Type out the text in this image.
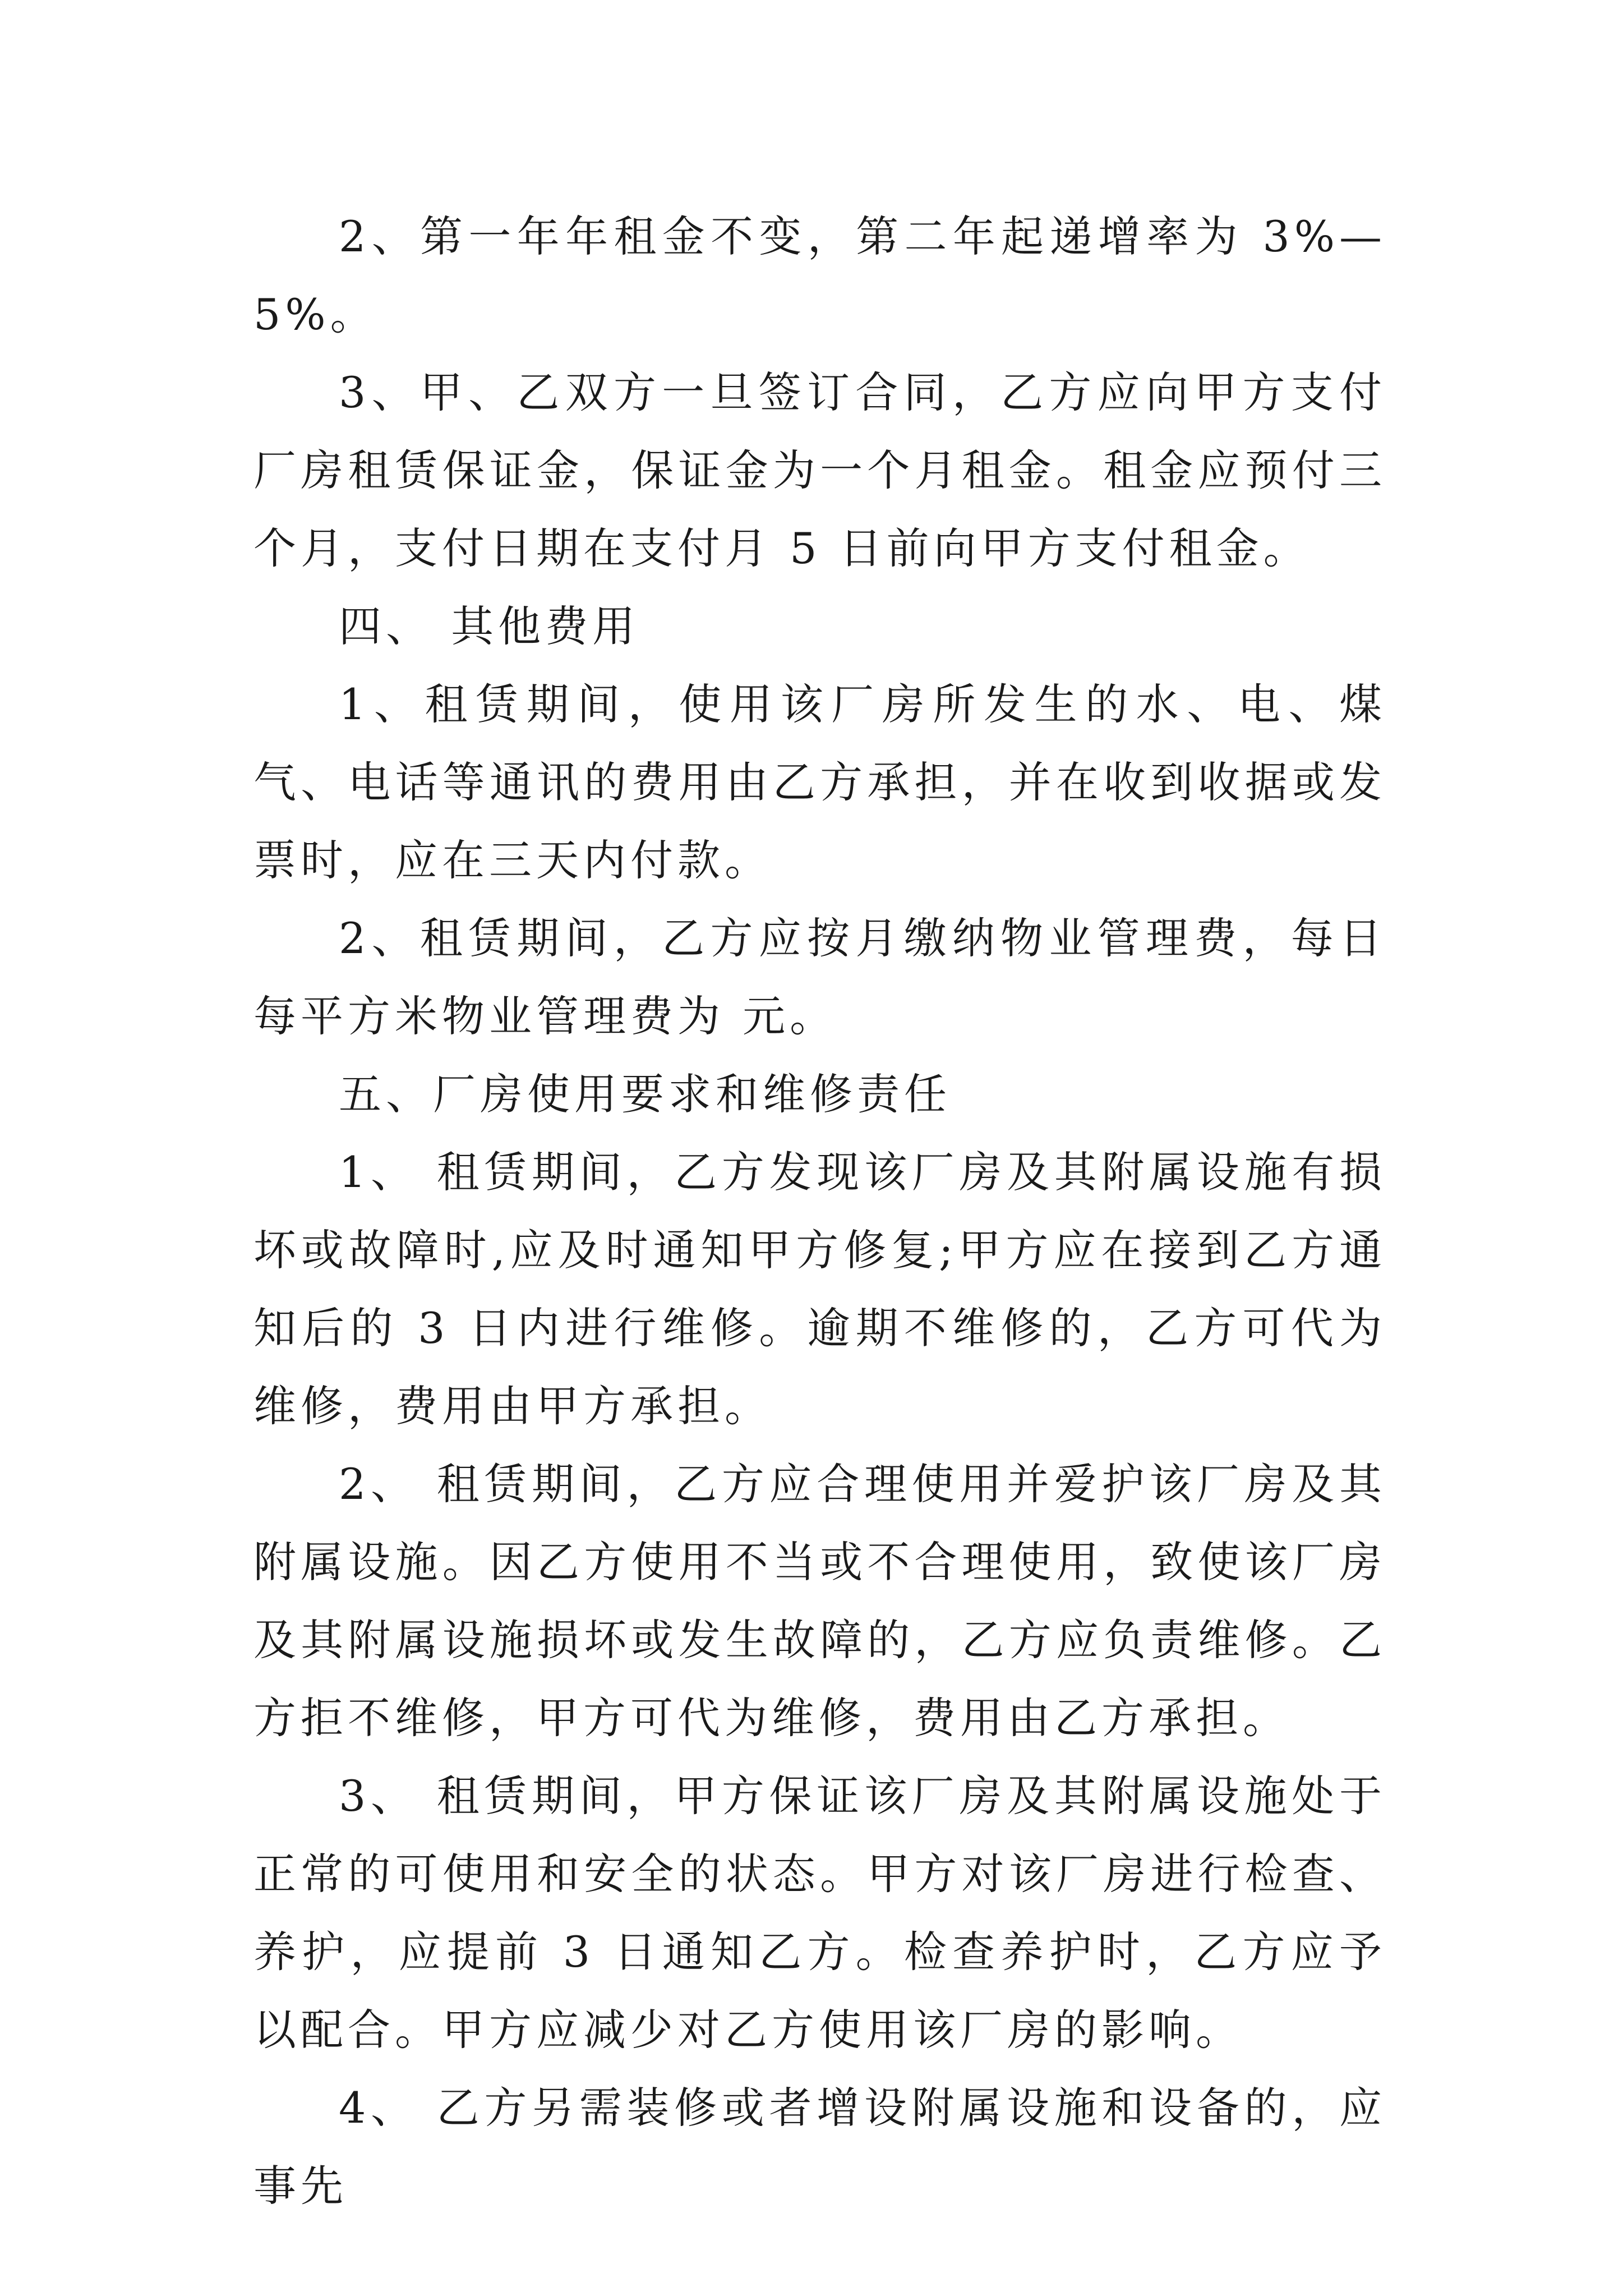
2、第一年年租金不变，第二年起递增率为 3%—5%。

3、甲、乙双方一旦签订合同，乙方应向甲方支付厂房租赁保证金，保证金为一个月租金。租金应预付三个月，支付日期在支付月 5 日前向甲方支付租金。

四、 其他费用

1、租赁期间，使用该厂房所发生的水、电、煤气、电话等通讯的费用由乙方承担，并在收到收据或发票时，应在三天内付款。

2、租赁期间，乙方应按月缴纳物业管理费，每日每平方米物业管理费为 元。

五、厂房使用要求和维修责任

1、 租赁期间，乙方发现该厂房及其附属设施有损坏或故障时,应及时通知甲方修复;甲方应在接到乙方通知后的 3 日内进行维修。逾期不维修的，乙方可代为维修，费用由甲方承担。

2、 租赁期间，乙方应合理使用并爱护该厂房及其附属设施。因乙方使用不当或不合理使用，致使该厂房及其附属设施损坏或发生故障的，乙方应负责维修。乙方拒不维修，甲方可代为维修，费用由乙方承担。

3、 租赁期间，甲方保证该厂房及其附属设施处于正常的可使用和安全的状态。甲方对该厂房进行检查、养护，应提前 3 日通知乙方。检查养护时，乙方应予以配合。甲方应减少对乙方使用该厂房的影响。

4、 乙方另需装修或者增设附属设施和设备的，应事先
